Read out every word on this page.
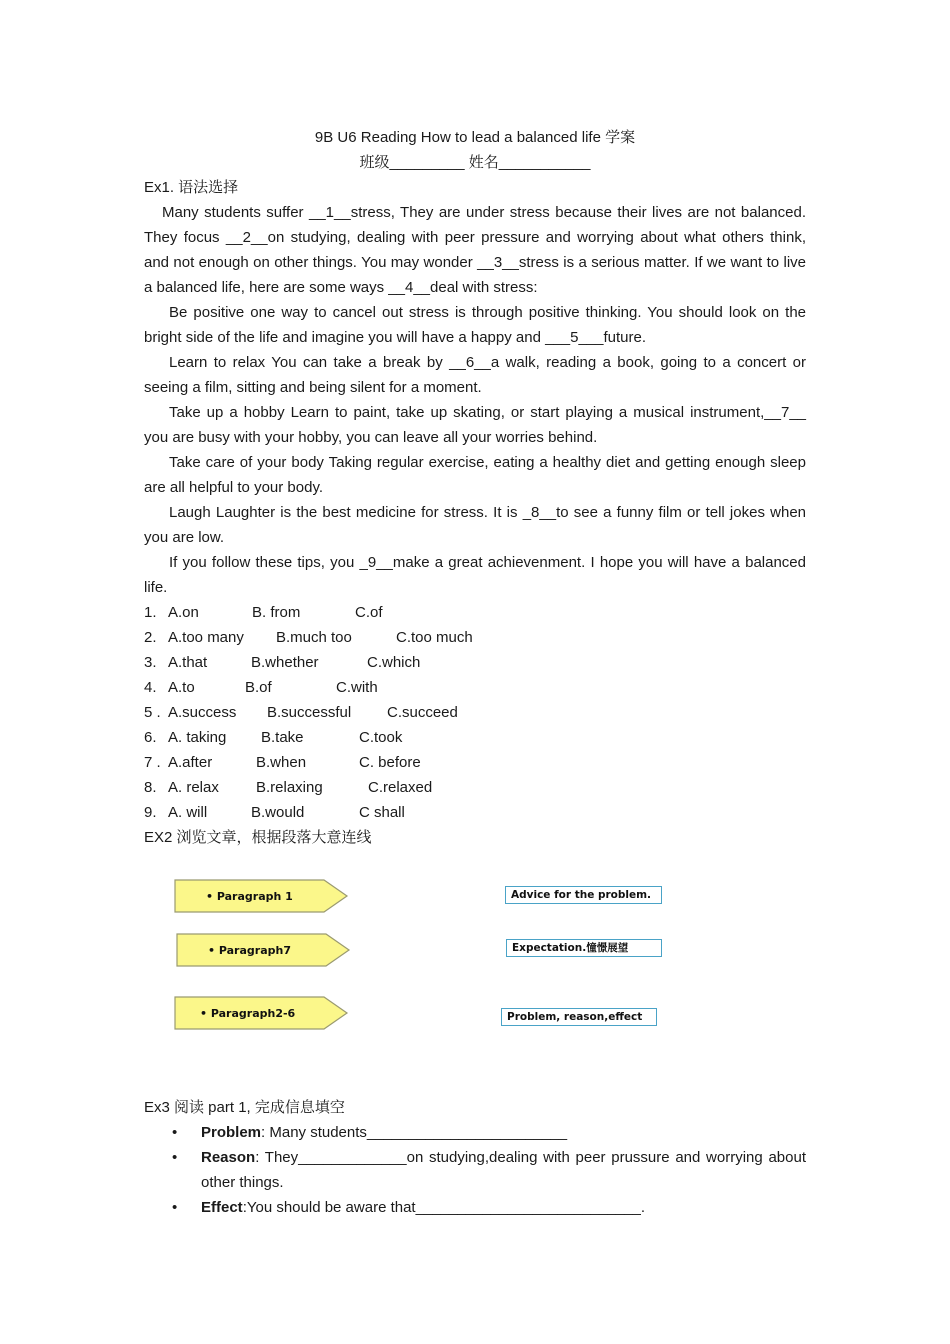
9B U6 Reading How to lead a balanced life 学案

班级_________ 姓名___________

Ex1. 语法选择

Many students suffer __1__stress, They are under stress because their lives are not balanced. They focus __2__on studying, dealing with peer pressure and worrying about what others think, and not enough on other things. You may wonder __3__stress is a serious matter. If we want to live a balanced life, here are some ways __4__deal with stress:

Be positive one way to cancel out stress is through positive thinking. You should look on the bright side of the life and imagine you will have a happy and ___5___future.

Learn to relax You can take a break by __6__a walk, reading a book, going to a concert or seeing a film, sitting and being silent for a moment.

Take up a hobby Learn to paint, take up skating, or start playing a musical instrument,__7__ you are busy with your hobby, you can leave all your worries behind.

Take care of your body Taking regular exercise, eating a healthy diet and getting enough sleep are all helpful to your body.

Laugh Laughter is the best medicine for stress. It is _8__to see a funny film or tell jokes when you are low.

If you follow these tips, you _9__make a great achievenment. I hope you will have a balanced life.

1. A.on	B. from	C.of
2. A.too many	B.much too	C.too much
3. A.that	B.whether	C.which
4. A.to	B.of	C.with
5 . A.success	B.successful	C.succeed
6. A. taking	B.take	C.took
7 . A.after	B.when	C. before
8. A. relax	B.relaxing	C.relaxed
9. A. will	B.would	C shall

EX2 浏览文章，根据段落大意连线

• Paragraph 1
• Paragraph7
• Paragraph2-6
Advice for the problem.
Expectation.憧憬展望
Problem, reason,effect

Ex3 阅读 part 1, 完成信息填空

• Problem: Many students________________________
• Reason: They_____________on studying,dealing with peer prussure and worrying about other things.
• Effect:You should be aware that___________________________.
